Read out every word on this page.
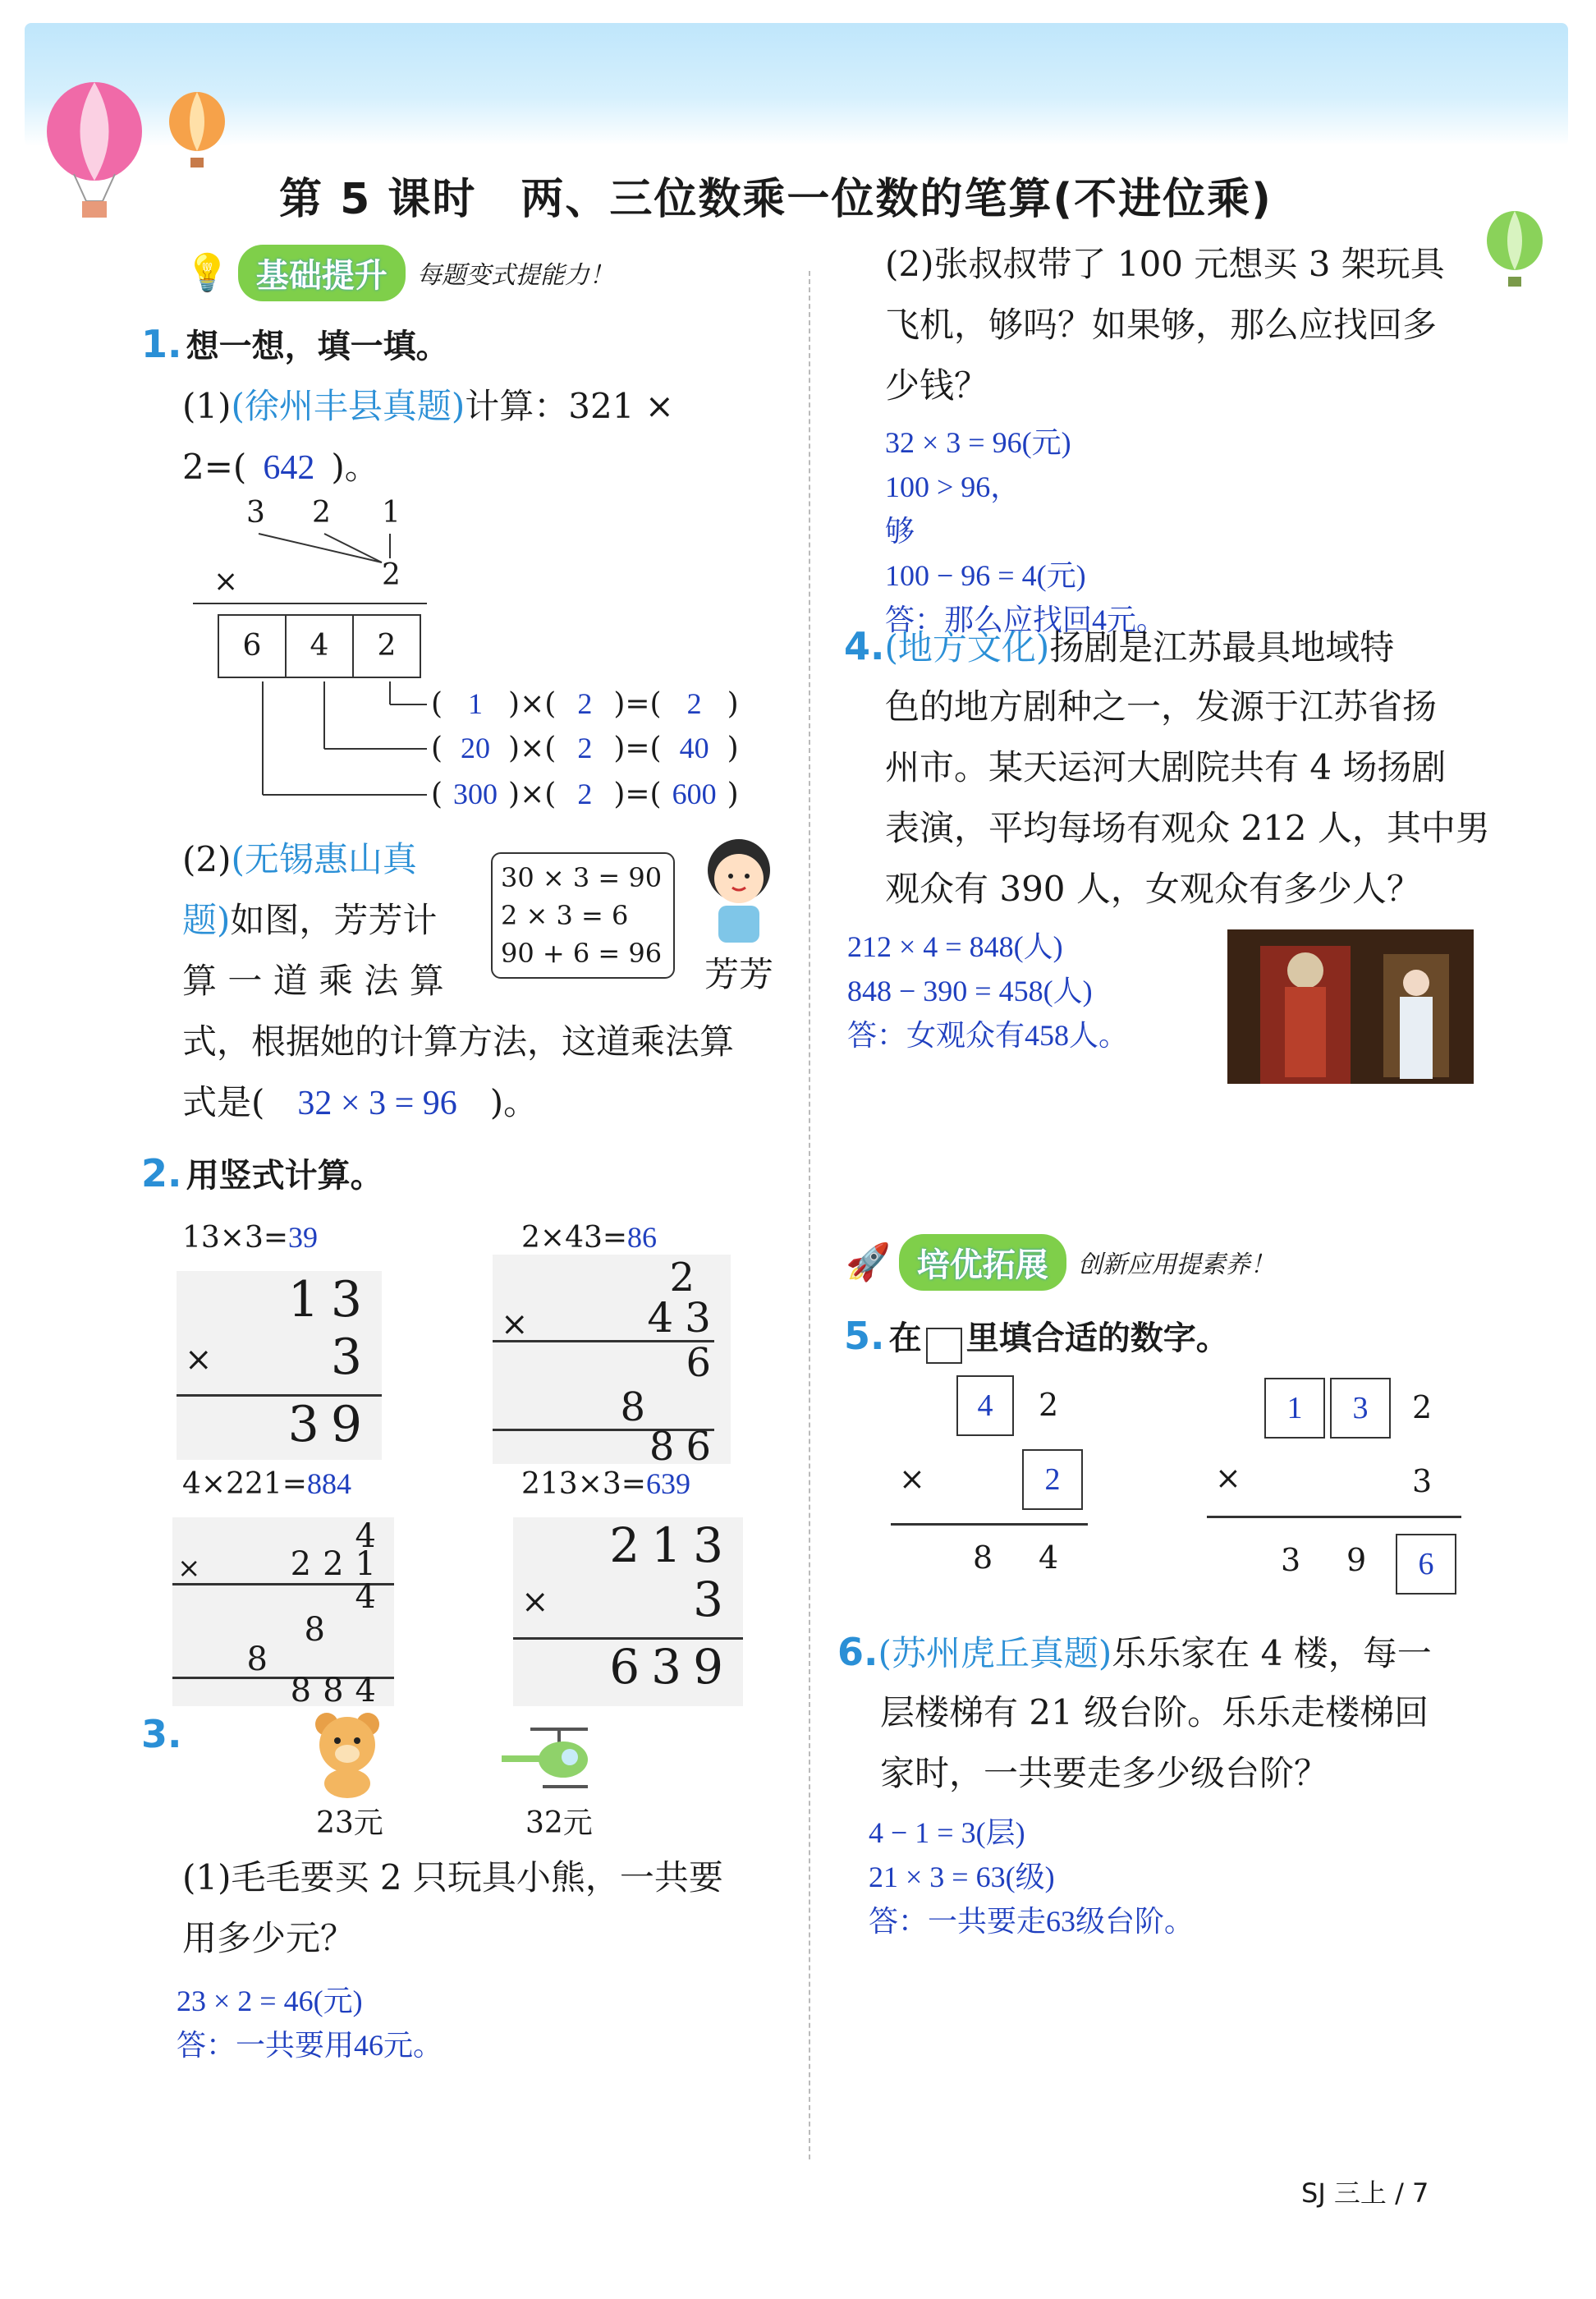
第 5 课时　两、三位数乘一位数的笔算(不进位乘)
💡 基础提升	每题变式提能力！
1. 想一想，填一填。
(1)(徐州丰县真题)计算：321 ×
2=( 642 )。
3 2 1
×	2
6	4	2
( 1 )×( 2 )=( 2 )
( 20 )×( 2 )=( 40 )
( 300 )×( 2 )=( 600 )
(2)(无锡惠山真
题)如图，芳芳计
算 一 道 乘 法 算
30 × 3 = 90
2 × 3 = 6
90 + 6 = 96
芳芳
式，根据她的计算方法，这道乘法算
式是( 32 × 3 = 96 )。
2. 用竖式计算。
13×3=39
13
× 3
39
2×43=86
2
×	43
6
8
86
4×221=884
4
×	221
4
8
8
884
213×3=639
213
×	3
639
3.
23元	32元
(1)毛毛要买 2 只玩具小熊，一共要
用多少元？
23 × 2 = 46(元)
答：一共要用46元。
(2)张叔叔带了 100 元想买 3 架玩具
飞机，够吗？如果够，那么应找回多
少钱？
32 × 3 = 96(元)
100 > 96，
够
100 − 96 = 4(元)
答：那么应找回4元。
4.(地方文化)扬剧是江苏最具地域特
色的地方剧种之一，发源于江苏省扬
州市。某天运河大剧院共有 4 场扬剧
表演，平均每场有观众 212 人，其中男
观众有 390 人，女观众有多少人？
212 × 4 = 848(人)
848 − 390 = 458(人)
答：女观众有458人。
🚀 培优拓展	创新应用提素养！
5. 在 里填合适的数字。
4	2
×	2
8 4
1	3	2
×	3
3 9	6
6.(苏州虎丘真题)乐乐家在 4 楼，每一
层楼梯有 21 级台阶。乐乐走楼梯回
家时，一共要走多少级台阶？
4 − 1 = 3(层)
21 × 3 = 63(级)
答：一共要走63级台阶。
SJ 三上 / 7
